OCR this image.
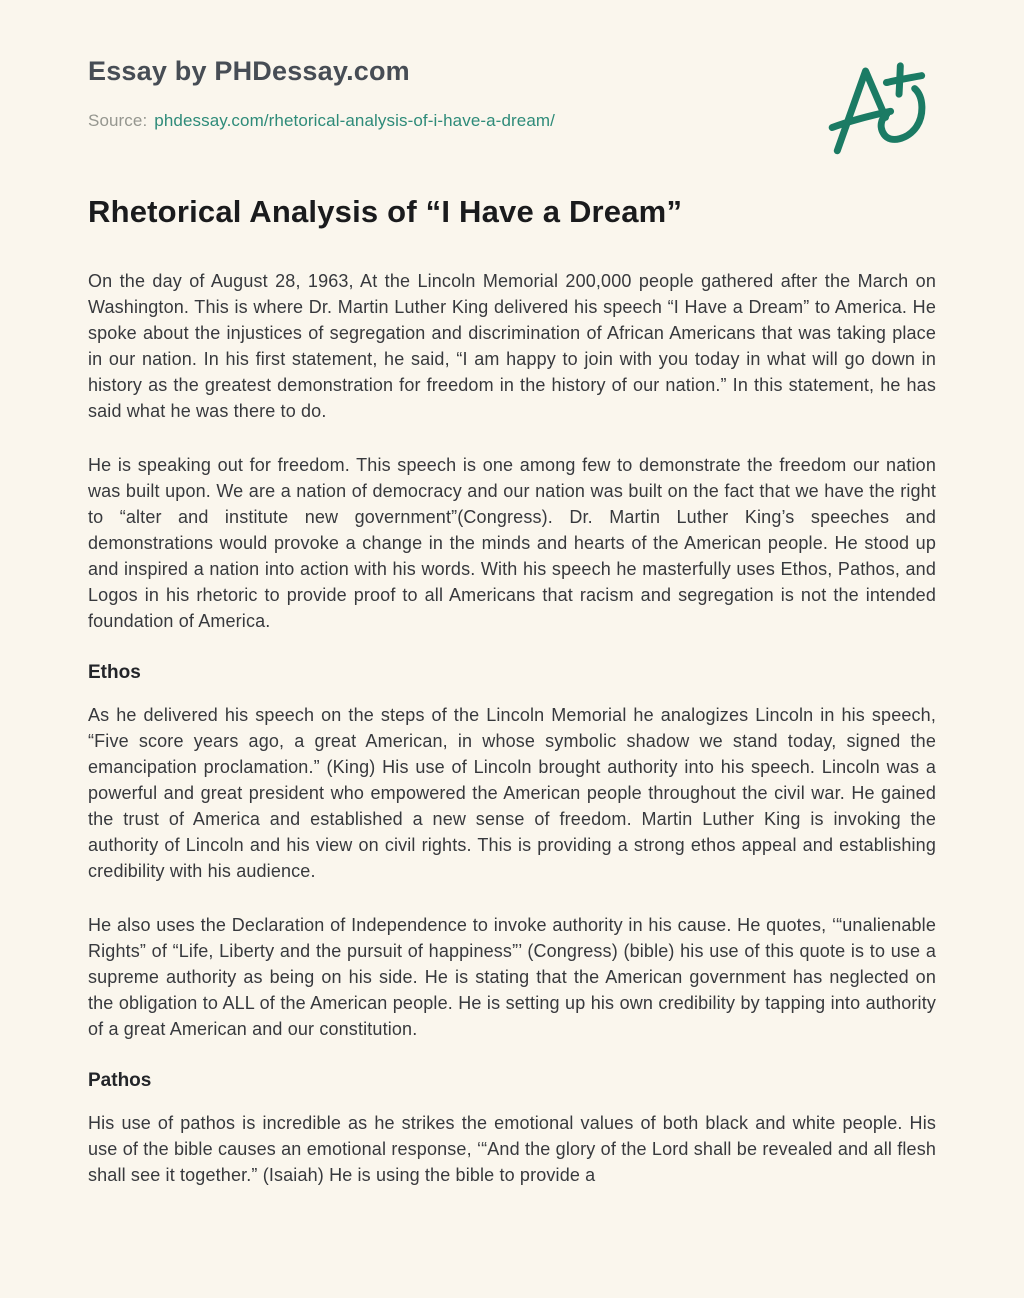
Essay by PHDessay.com
Source: phdessay.com/rhetorical-analysis-of-i-have-a-dream/
Rhetorical Analysis of “I Have a Dream”

On the day of August 28, 1963, At the Lincoln Memorial 200,000 people gathered after the March on Washington. This is where Dr. Martin Luther King delivered his speech “I Have a Dream” to America. He spoke about the injustices of segregation and discrimination of African Americans that was taking place in our nation. In his first statement, he said, “I am happy to join with you today in what will go down in history as the greatest demonstration for freedom in the history of our nation.” In this statement, he has said what he was there to do.

He is speaking out for freedom. This speech is one among few to demonstrate the freedom our nation was built upon. We are a nation of democracy and our nation was built on the fact that we have the right to “alter and institute new government”(Congress). Dr. Martin Luther King’s speeches and demonstrations would provoke a change in the minds and hearts of the American people. He stood up and inspired a nation into action with his words. With his speech he masterfully uses Ethos, Pathos, and Logos in his rhetoric to provide proof to all Americans that racism and segregation is not the intended foundation of America.

Ethos

As he delivered his speech on the steps of the Lincoln Memorial he analogizes Lincoln in his speech, “Five score years ago, a great American, in whose symbolic shadow we stand today, signed the emancipation proclamation.” (King) His use of Lincoln brought authority into his speech. Lincoln was a powerful and great president who empowered the American people throughout the civil war. He gained the trust of America and established a new sense of freedom. Martin Luther King is invoking the authority of Lincoln and his view on civil rights. This is providing a strong ethos appeal and establishing credibility with his audience.

He also uses the Declaration of Independence to invoke authority in his cause. He quotes, ‘“unalienable Rights” of “Life, Liberty and the pursuit of happiness”’ (Congress) (bible) his use of this quote is to use a supreme authority as being on his side. He is stating that the American government has neglected on the obligation to ALL of the American people. He is setting up his own credibility by tapping into authority of a great American and our constitution.

Pathos

His use of pathos is incredible as he strikes the emotional values of both black and white people. His use of the bible causes an emotional response, ‘“And the glory of the Lord shall be revealed and all flesh shall see it together.” (Isaiah) He is using the bible to provide a
